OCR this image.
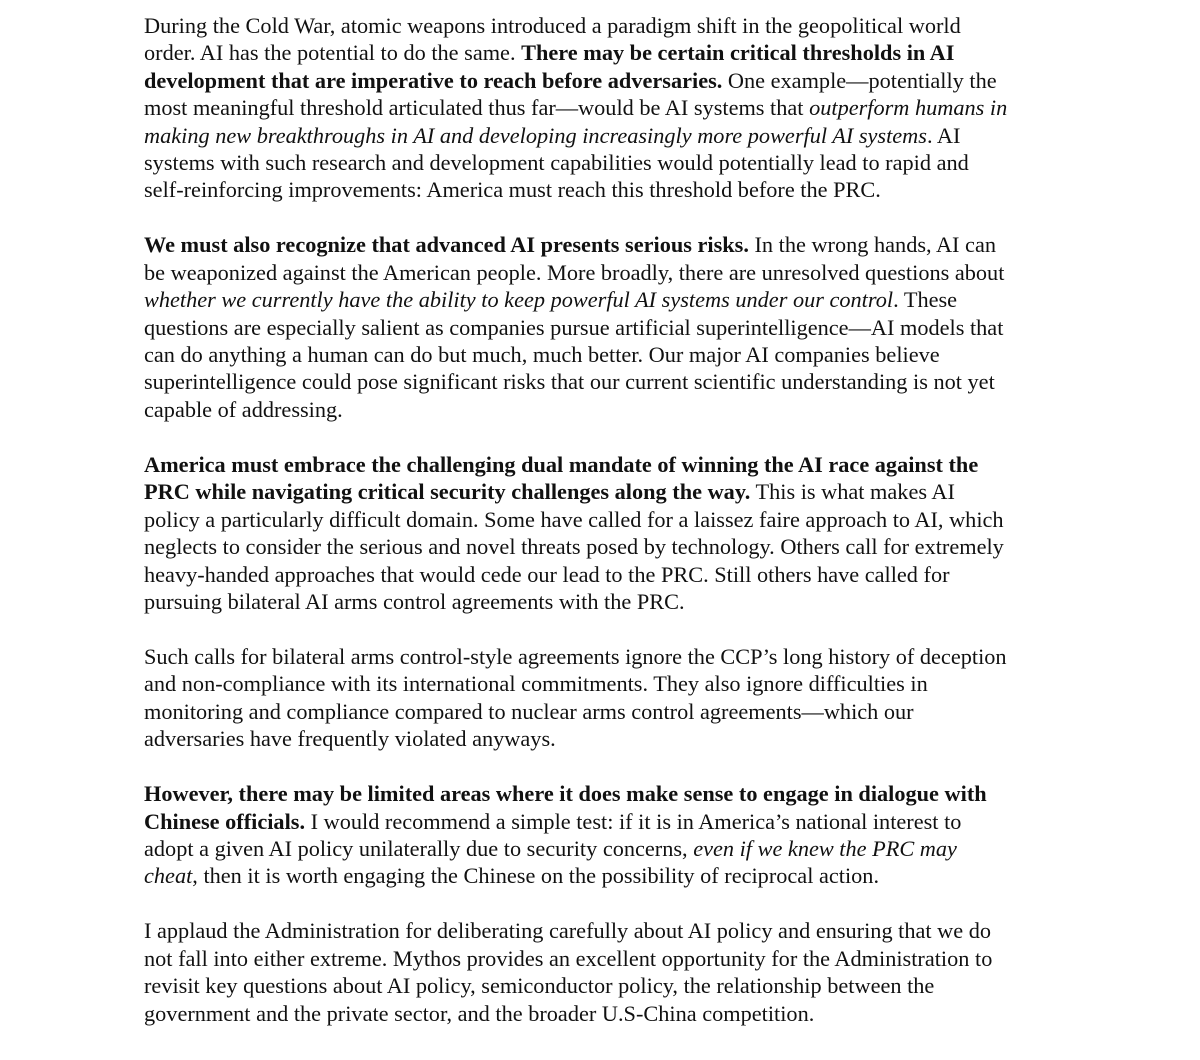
During the Cold War, atomic weapons introduced a paradigm shift in the geopolitical world
order. AI has the potential to do the same. There may be certain critical thresholds in AI
development that are imperative to reach before adversaries. One example—potentially the
most meaningful threshold articulated thus far—would be AI systems that outperform humans in
making new breakthroughs in AI and developing increasingly more powerful AI systems. AI
systems with such research and development capabilities would potentially lead to rapid and
self-reinforcing improvements: America must reach this threshold before the PRC.

We must also recognize that advanced AI presents serious risks. In the wrong hands, AI can
be weaponized against the American people. More broadly, there are unresolved questions about
whether we currently have the ability to keep powerful AI systems under our control. These
questions are especially salient as companies pursue artificial superintelligence—AI models that
can do anything a human can do but much, much better. Our major AI companies believe
superintelligence could pose significant risks that our current scientific understanding is not yet
capable of addressing.

America must embrace the challenging dual mandate of winning the AI race against the
PRC while navigating critical security challenges along the way. This is what makes AI
policy a particularly difficult domain. Some have called for a laissez faire approach to AI, which
neglects to consider the serious and novel threats posed by technology. Others call for extremely
heavy-handed approaches that would cede our lead to the PRC. Still others have called for
pursuing bilateral AI arms control agreements with the PRC.

Such calls for bilateral arms control-style agreements ignore the CCP’s long history of deception
and non-compliance with its international commitments. They also ignore difficulties in
monitoring and compliance compared to nuclear arms control agreements—which our
adversaries have frequently violated anyways.

However, there may be limited areas where it does make sense to engage in dialogue with
Chinese officials. I would recommend a simple test: if it is in America’s national interest to
adopt a given AI policy unilaterally due to security concerns, even if we knew the PRC may
cheat, then it is worth engaging the Chinese on the possibility of reciprocal action.

I applaud the Administration for deliberating carefully about AI policy and ensuring that we do
not fall into either extreme. Mythos provides an excellent opportunity for the Administration to
revisit key questions about AI policy, semiconductor policy, the relationship between the
government and the private sector, and the broader U.S-China competition.
